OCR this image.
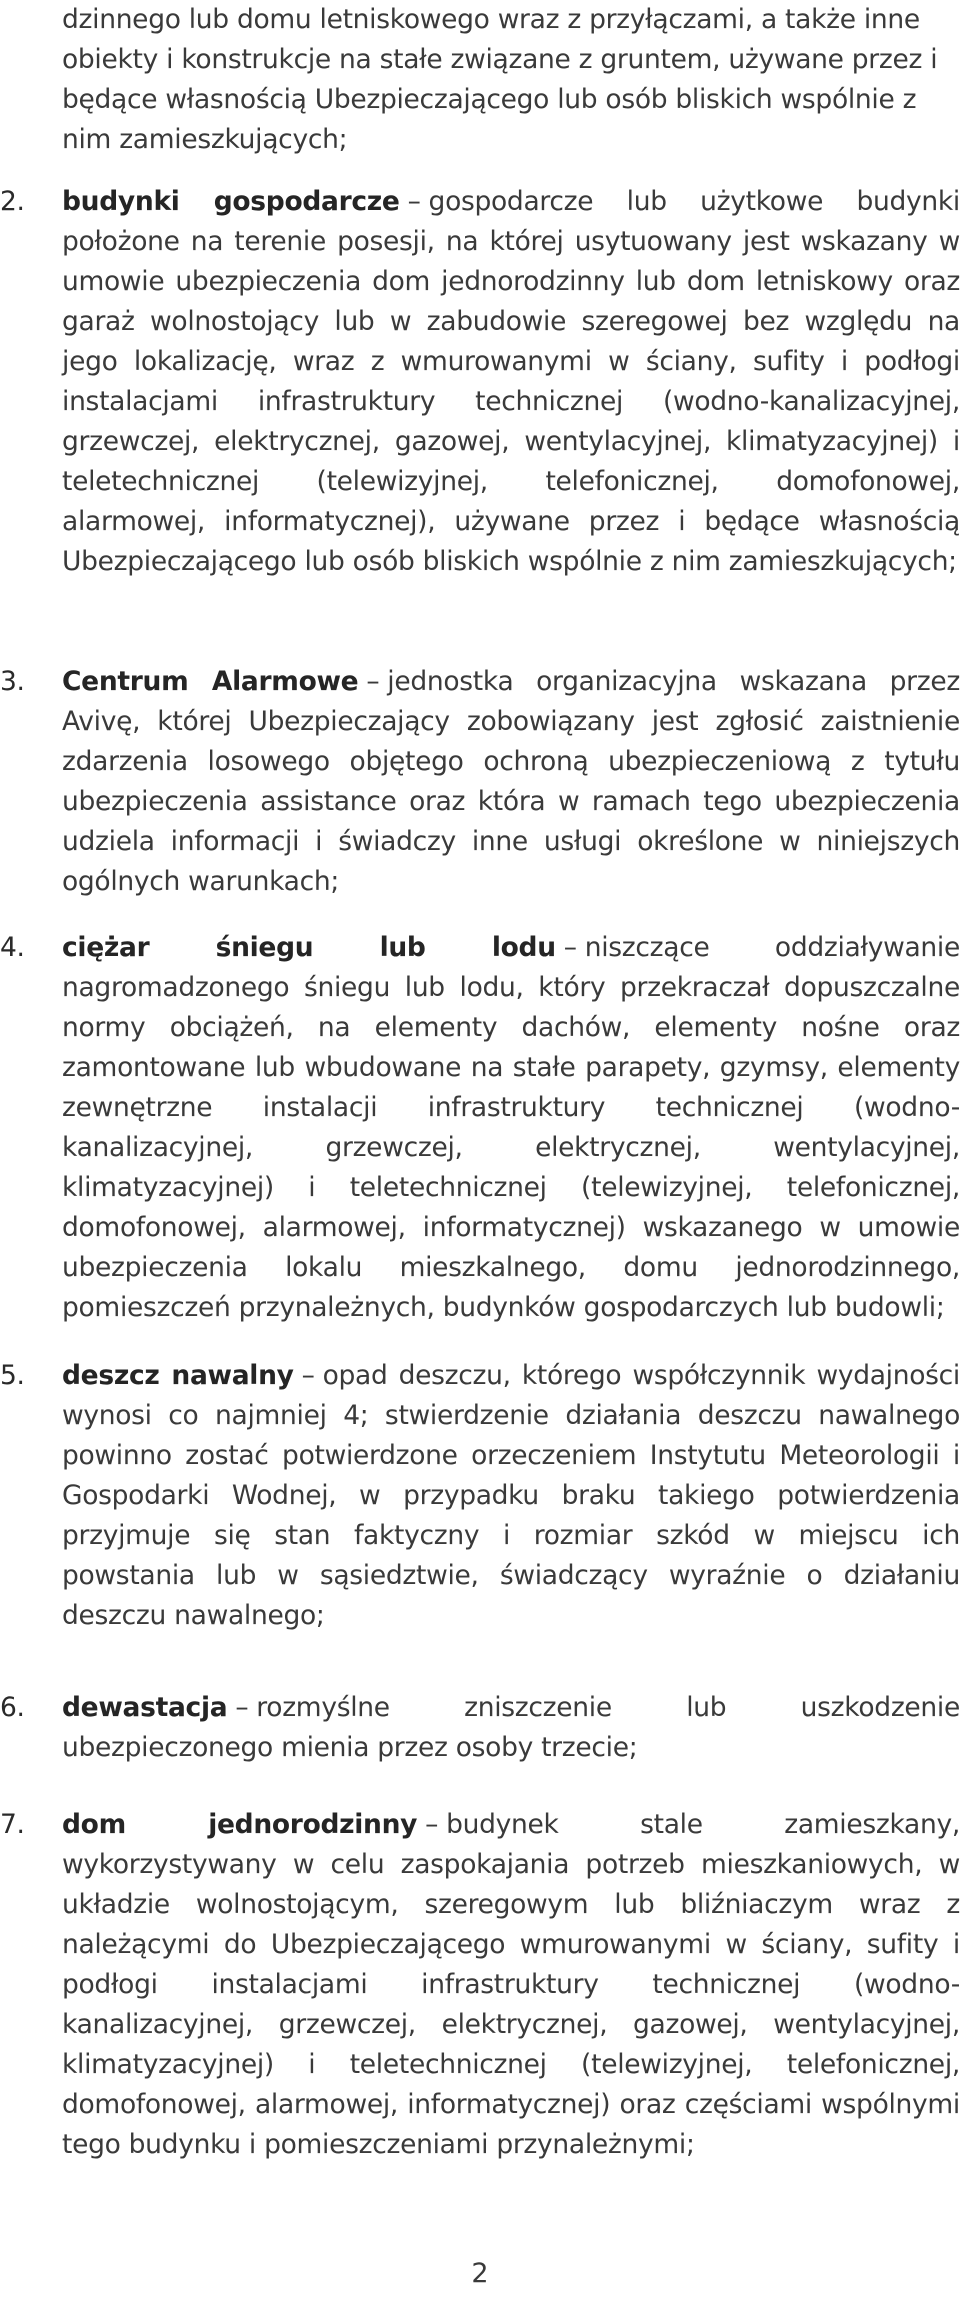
dzinnego lub domu letniskowego wraz z przyłączami, a także inne obiekty i konstrukcje na stałe związane z gruntem, używane przez i będące własnością Ubezpieczającego lub osób bliskich wspólnie z nim zamieszkujących;
2.	budynki gospodarcze – gospodarcze lub użytkowe budynki położone na terenie posesji, na której usytuowany jest wskazany w umowie ubezpieczenia dom jednorodzinny lub dom letniskowy oraz garaż wolnostojący lub w zabudowie szeregowej bez względu na jego lokalizację, wraz z wmurowanymi w ściany, sufity i podłogi instalacjami infrastruktury technicznej (wodno-kanalizacyjnej, grzewczej, elektrycznej, gazowej, wentylacyjnej, klimatyzacyjnej) i teletechnicznej (telewizyjnej, telefonicznej, domofonowej, alarmowej, informatycznej), używane przez i będące własnością Ubezpieczającego lub osób bliskich wspólnie z nim zamieszkujących;
3.	Centrum Alarmowe – jednostka organizacyjna wskazana przez Avivę, której Ubezpieczający zobowiązany jest zgłosić zaistnienie zdarzenia losowego objętego ochroną ubezpieczeniową z tytułu ubezpieczenia assistance oraz która w ramach tego ubezpieczenia udziela informacji i świadczy inne usługi określone w niniejszych ogólnych warunkach;
4.	ciężar śniegu lub lodu – niszczące oddziaływanie nagromadzonego śniegu lub lodu, który przekraczał dopuszczalne normy obciążeń, na elementy dachów, elementy nośne oraz zamontowane lub wbudowane na stałe parapety, gzymsy, elementy zewnętrzne instalacji infrastruktury technicznej (wodno-kanalizacyjnej, grzewczej, elektrycznej, wentylacyjnej, klimatyzacyjnej) i teletechnicznej (telewizyjnej, telefonicznej, domofonowej, alarmowej, informatycznej) wskazanego w umowie ubezpieczenia lokalu mieszkalnego, domu jednorodzinnego, pomieszczeń przynależnych, budynków gospodarczych lub budowli;
5.	deszcz nawalny – opad deszczu, którego współczynnik wydajności wynosi co najmniej 4; stwierdzenie działania deszczu nawalnego powinno zostać potwierdzone orzeczeniem Instytutu Meteorologii i Gospodarki Wodnej, w przypadku braku takiego potwierdzenia przyjmuje się stan faktyczny i rozmiar szkód w miejscu ich powstania lub w sąsiedztwie, świadczący wyraźnie o działaniu deszczu nawalnego;
6.	dewastacja – rozmyślne zniszczenie lub uszkodzenie ubezpieczonego mienia przez osoby trzecie;
7.	dom jednorodzinny – budynek stale zamieszkany, wykorzystywany w celu zaspokajania potrzeb mieszkaniowych, w układzie wolnostojącym, szeregowym lub bliźniaczym wraz z należącymi do Ubezpieczającego wmurowanymi w ściany, sufity i podłogi instalacjami infrastruktury technicznej (wodno-kanalizacyjnej, grzewczej, elektrycznej, gazowej, wentylacyjnej, klimatyzacyjnej) i teletechnicznej (telewizyjnej, telefonicznej, domofonowej, alarmowej, informatycznej) oraz częściami wspólnymi tego budynku i pomieszczeniami przynależnymi;
2
